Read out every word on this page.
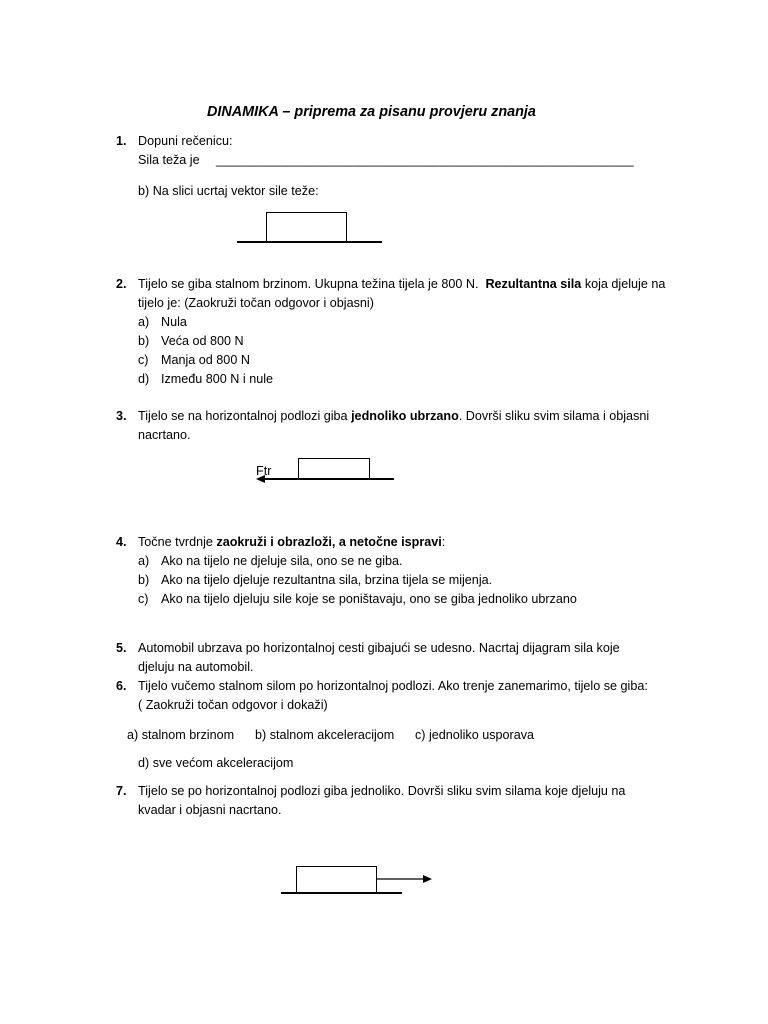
DINAMIKA – priprema za pisanu provjeru znanja
1. Dopuni rečenicu:
Sila teža je __________________________________________________________
b) Na slici ucrtaj vektor sile teže:
2. Tijelo se giba stalnom brzinom. Ukupna težina tijela je 800 N. Rezultantna sila koja djeluje na
tijelo je: (Zaokruži točan odgovor i objasni)
a) Nula
b) Veća od 800 N
c) Manja od 800 N
d) Između 800 N i nule
3. Tijelo se na horizontalnoj podlozi giba jednoliko ubrzano. Dovrši sliku svim silama i objasni
nacrtano.
Ftr
4. Točne tvrdnje zaokruži i obrazloži, a netočne ispravi:
a) Ako na tijelo ne djeluje sila, ono se ne giba.
b) Ako na tijelo djeluje rezultantna sila, brzina tijela se mijenja.
c) Ako na tijelo djeluju sile koje se poništavaju, ono se giba jednoliko ubrzano
5. Automobil ubrzava po horizontalnoj cesti gibajući se udesno. Nacrtaj dijagram sila koje
djeluju na automobil.
6. Tijelo vučemo stalnom silom po horizontalnoj podlozi. Ako trenje zanemarimo, tijelo se giba:
( Zaokruži točan odgovor i dokaži)
a) stalnom brzinom b) stalnom akceleracijom c) jednoliko usporava
d) sve većom akceleracijom
7. Tijelo se po horizontalnoj podlozi giba jednoliko. Dovrši sliku svim silama koje djeluju na
kvadar i objasni nacrtano.
